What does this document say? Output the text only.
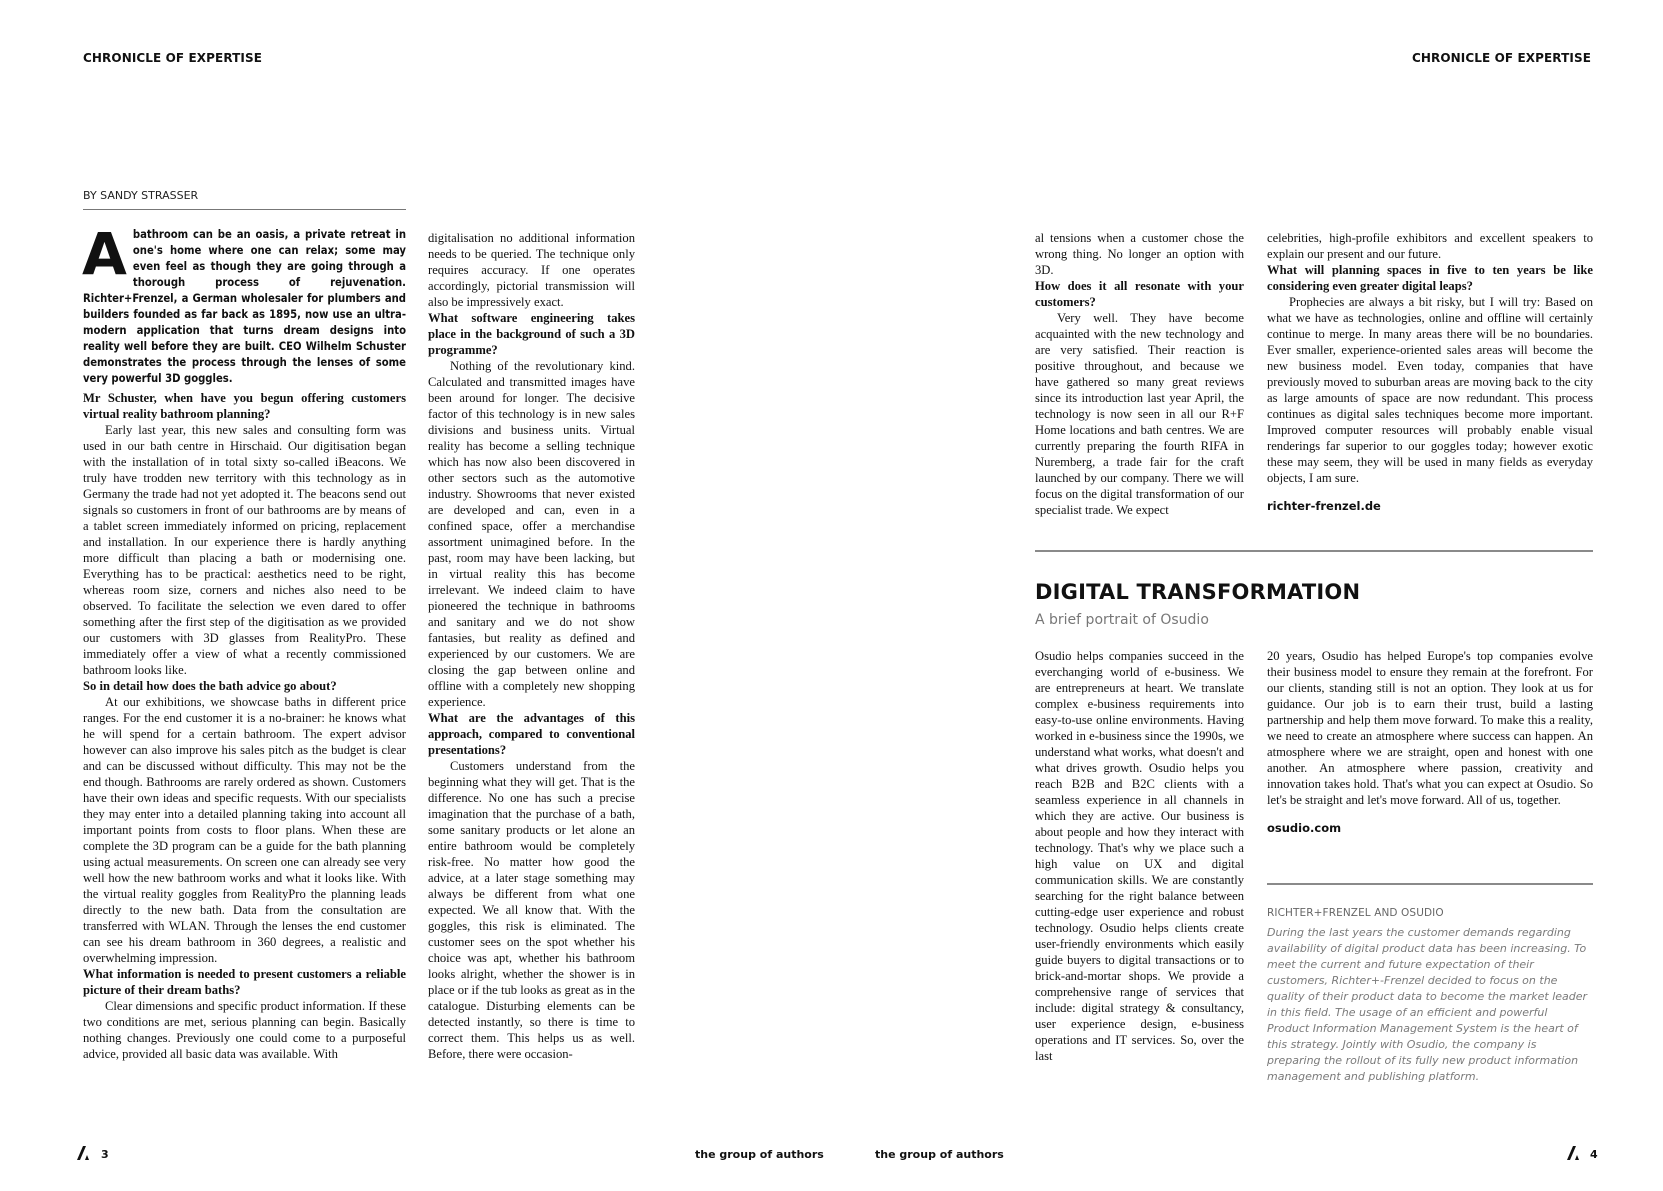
CHRONICLE OF EXPERTISE	CHRONICLE OF EXPERTISE
BY SANDY STRASSER
A bathroom can be an oasis, a private retreat in one's home where one can relax; some may even feel as though they are going through a thorough process of rejuvenation. Richter+Frenzel, a German wholesaler for plumbers and builders founded as far back as 1895, now use an ultra-modern application that turns dream designs into reality well before they are built. CEO Wilhelm Schuster demonstrates the process through the lenses of some very powerful 3D goggles.

Mr Schuster, when have you begun offering customers virtual reality bathroom planning?

Early last year, this new sales and consulting form was used in our bath centre in Hirschaid. Our digitisation began with the installation of in total sixty so-called iBeacons. We truly have trodden new territory with this technology as in Germany the trade had not yet adopted it. The beacons send out signals so customers in front of our bathrooms are by means of a tablet screen immediately informed on pricing, replacement and installation. In our experience there is hardly anything more difficult than placing a bath or modernising one. Everything has to be practical: aesthetics need to be right, whereas room size, corners and niches also need to be observed. To facilitate the selection we even dared to offer something after the first step of the digitisation as we provided our customers with 3D glasses from RealityPro. These immediately offer a view of what a recently commissioned bathroom looks like.

So in detail how does the bath advice go about?

At our exhibitions, we showcase baths in different price ranges. For the end customer it is a no-brainer: he knows what he will spend for a certain bathroom. The expert advisor however can also improve his sales pitch as the budget is clear and can be discussed without difficulty. This may not be the end though. Bathrooms are rarely ordered as shown. Customers have their own ideas and specific requests. With our specialists they may enter into a detailed planning taking into account all important points from costs to floor plans. When these are complete the 3D program can be a guide for the bath planning using actual measurements. On screen one can already see very well how the new bathroom works and what it looks like. With the virtual reality goggles from RealityPro the planning leads directly to the new bath. Data from the consultation are transferred with WLAN. Through the lenses the end customer can see his dream bathroom in 360 degrees, a realistic and overwhelming impression.

What information is needed to present customers a reliable picture of their dream baths?

Clear dimensions and specific product information. If these two conditions are met, serious planning can begin. Basically nothing changes. Previously one could come to a purposeful advice, provided all basic data was available. With

digitalisation no additional information needs to be queried. The technique only requires accuracy. If one operates accordingly, pictorial transmission will also be impressively exact.

What software engineering takes place in the background of such a 3D programme?

Nothing of the revolutionary kind. Calculated and transmitted images have been around for longer. The decisive factor of this technology is in new sales divisions and business units. Virtual reality has become a selling technique which has now also been discovered in other sectors such as the automotive industry. Showrooms that never existed are developed and can, even in a confined space, offer a merchandise assortment unimagined before. In the past, room may have been lacking, but in virtual reality this has become irrelevant. We indeed claim to have pioneered the technique in bathrooms and sanitary and we do not show fantasies, but reality as defined and experienced by our customers. We are closing the gap between online and offline with a completely new shopping experience.

What are the advantages of this approach, compared to conventional presentations?

Customers understand from the beginning what they will get. That is the difference. No one has such a precise imagination that the purchase of a bath, some sanitary products or let alone an entire bathroom would be completely risk-free. No matter how good the advice, at a later stage something may always be different from what one expected. We all know that. With the goggles, this risk is eliminated. The customer sees on the spot whether his choice was apt, whether his bathroom looks alright, whether the shower is in place or if the tub looks as great as in the catalogue. Disturbing elements can be detected instantly, so there is time to correct them. This helps us as well. Before, there were occasion-

al tensions when a customer chose the wrong thing. No longer an option with 3D.

How does it all resonate with your customers?

Very well. They have become acquainted with the new technology and are very satisfied. Their reaction is positive throughout, and because we have gathered so many great reviews since its introduction last year April, the technology is now seen in all our R+F Home locations and bath centres. We are currently preparing the fourth RIFA in Nuremberg, a trade fair for the craft launched by our company. There we will focus on the digital transformation of our specialist trade. We expect

celebrities, high-profile exhibitors and excellent speakers to explain our present and our future.

What will planning spaces in five to ten years be like considering even greater digital leaps?

Prophecies are always a bit risky, but I will try: Based on what we have as technologies, online and offline will certainly continue to merge. In many areas there will be no boundaries. Ever smaller, experience-oriented sales areas will become the new business model. Even today, companies that have previously moved to suburban areas are moving back to the city as large amounts of space are now redundant. This process continues as digital sales techniques become more important. Improved computer resources will probably enable visual renderings far superior to our goggles today; however exotic these may seem, they will be used in many fields as everyday objects, I am sure.

richter-frenzel.de

DIGITAL TRANSFORMATION
A brief portrait of Osudio

Osudio helps companies succeed in the everchanging world of e-business. We are entrepreneurs at heart. We translate complex e-business requirements into easy-to-use online environments. Having worked in e-business since the 1990s, we understand what works, what doesn't and what drives growth. Osudio helps you reach B2B and B2C clients with a seamless experience in all channels in which they are active. Our business is about people and how they interact with technology. That's why we place such a high value on UX and digital communication skills. We are constantly searching for the right balance between cutting-edge user experience and robust technology. Osudio helps clients create user-friendly environments which easily guide buyers to digital transactions or to brick-and-mortar shops. We provide a comprehensive range of services that include: digital strategy & consultancy, user experience design, e-business operations and IT services. So, over the last

20 years, Osudio has helped Europe's top companies evolve their business model to ensure they remain at the forefront. For our clients, standing still is not an option. They look at us for guidance. Our job is to earn their trust, build a lasting partnership and help them move forward. To make this a reality, we need to create an atmosphere where success can happen. An atmosphere where we are straight, open and honest with one another. An atmosphere where passion, creativity and innovation takes hold. That's what you can expect at Osudio. So let's be straight and let's move forward. All of us, together.

osudio.com

RICHTER+FRENZEL AND OSUDIO
During the last years the customer demands regarding availability of digital product data has been increasing. To meet the current and future expectation of their customers, Richter+-Frenzel decided to focus on the quality of their product data to become the market leader in this field. The usage of an efficient and powerful Product Information Management System is the heart of this strategy. Jointly with Osudio, the company is preparing the rollout of its fully new product information management and publishing platform.
3	the group of authors	the group of authors	4
